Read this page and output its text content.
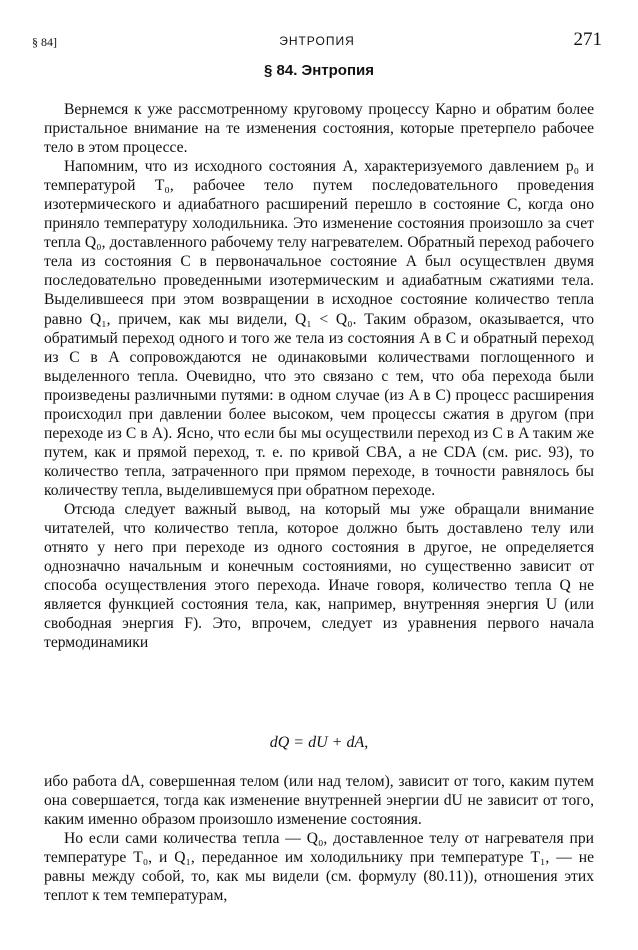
§ 84]	ЭНТРОПИЯ	271
§ 84. Энтропия

Вернемся к уже рассмотренному круговому процессу Карно и обратим более пристальное внимание на те изменения состояния, которые претерпело рабочее тело в этом процессе.

Напомним, что из исходного состояния A, характеризуемого давлением p₀ и температурой T₀, рабочее тело путем последовательного проведения изотермического и адиабатного расширений перешло в состояние C, когда оно приняло температуру холодильника. Это изменение состояния произошло за счет тепла Q₀, доставленного рабочему телу нагревателем. Обратный переход рабочего тела из состояния C в первоначальное состояние A был осуществлен двумя последовательно проведенными изотермическим и адиабатным сжатиями тела. Выделившееся при этом возвращении в исходное состояние количество тепла равно Q₁, причем, как мы видели, Q₁ < Q₀. Таким образом, оказывается, что обратимый переход одного и того же тела из состояния A в C и обратный переход из C в A сопровождаются не одинаковыми количествами поглощенного и выделенного тепла. Очевидно, что это связано с тем, что оба перехода были произведены различными путями: в одном случае (из A в C) процесс расширения происходил при давлении более высоком, чем процессы сжатия в другом (при переходе из C в A). Ясно, что если бы мы осуществили переход из C в A таким же путем, как и прямой переход, т. е. по кривой CBA, а не CDA (см. рис. 93), то количество тепла, затраченного при прямом переходе, в точности равнялось бы количеству тепла, выделившемуся при обратном переходе.

Отсюда следует важный вывод, на который мы уже обращали внимание читателей, что количество тепла, которое должно быть доставлено телу или отнято у него при переходе из одного состояния в другое, не определяется однозначно начальным и конечным состояниями, но существенно зависит от способа осуществления этого перехода. Иначе говоря, количество тепла Q не является функцией состояния тела, как, например, внутренняя энергия U (или свободная энергия F). Это, впрочем, следует из уравнения первого начала термодинамики

dQ = dU + dA,

ибо работа dA, совершенная телом (или над телом), зависит от того, каким путем она совершается, тогда как изменение внутренней энергии dU не зависит от того, каким именно образом произошло изменение состояния.

Но если сами количества тепла — Q₀, доставленное телу от нагревателя при температуре T₀, и Q₁, переданное им холодильнику при температуре T₁, — не равны между собой, то, как мы видели (см. формулу (80.11)), отношения этих теплот к тем температурам,
